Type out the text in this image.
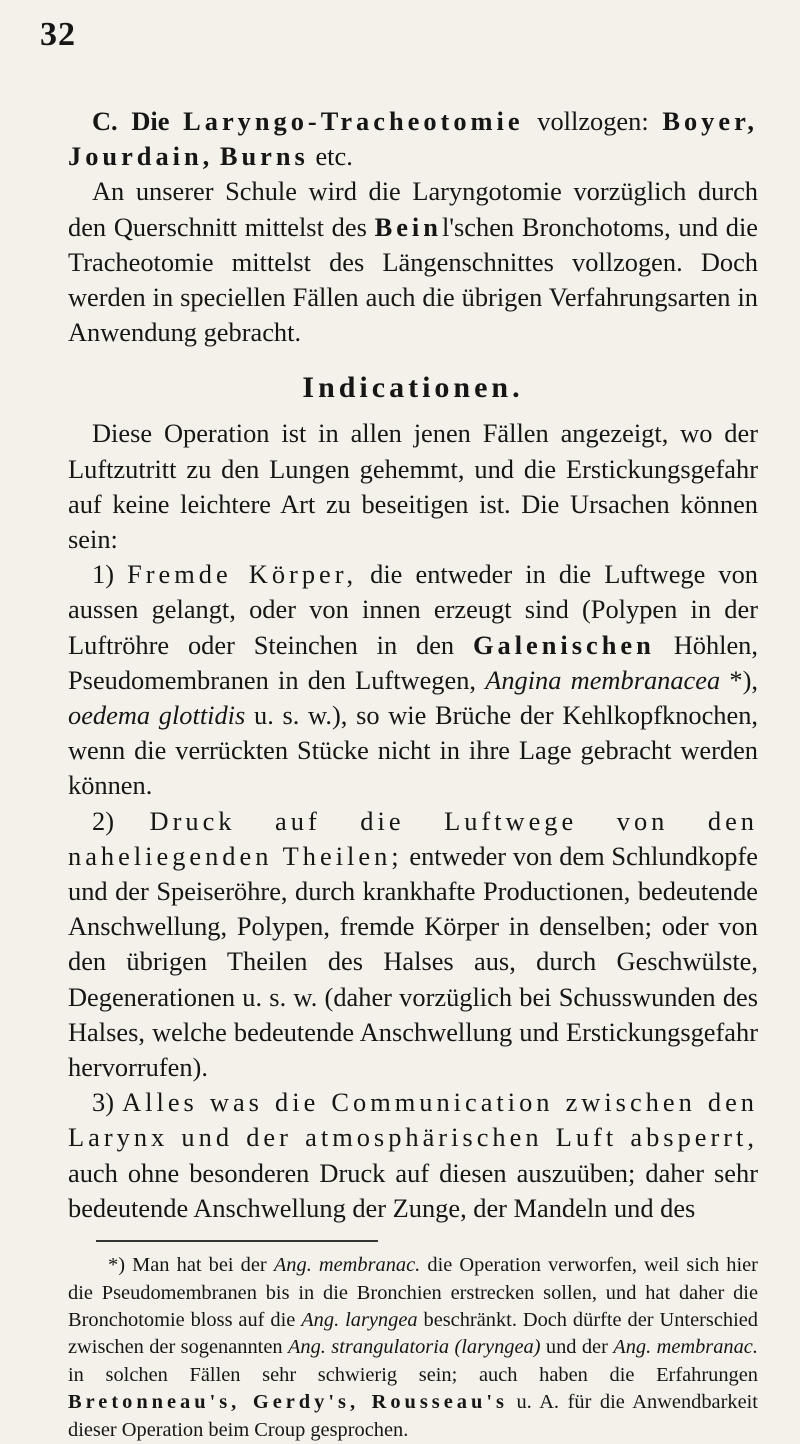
32

C. Die Laryngo-Tracheotomie vollzogen: Boyer, Jourdain, Burns etc.

An unserer Schule wird die Laryngotomie vorzüglich durch den Querschnitt mittelst des Beinl'schen Bronchotoms, und die Tracheotomie mittelst des Längenschnittes vollzogen. Doch werden in speciellen Fällen auch die übrigen Verfahrungsarten in Anwendung gebracht.

Indicationen.

Diese Operation ist in allen jenen Fällen angezeigt, wo der Luftzutritt zu den Lungen gehemmt, und die Erstickungsgefahr auf keine leichtere Art zu beseitigen ist. Die Ursachen können sein:

1) Fremde Körper, die entweder in die Luftwege von aussen gelangt, oder von innen erzeugt sind (Polypen in der Luftröhre oder Steinchen in den Galenischen Höhlen, Pseudomembranen in den Luftwegen, Angina membranacea *), oedema glottidis u. s. w.), so wie Brüche der Kehlkopfknochen, wenn die verrückten Stücke nicht in ihre Lage gebracht werden können.

2) Druck auf die Luftwege von den naheliegenden Theilen; entweder von dem Schlundkopfe und der Speiseröhre, durch krankhafte Productionen, bedeutende Anschwellung, Polypen, fremde Körper in denselben; oder von den übrigen Theilen des Halses aus, durch Geschwülste, Degenerationen u. s. w. (daher vorzüglich bei Schusswunden des Halses, welche bedeutende Anschwellung und Erstickungsgefahr hervorrufen).

3) Alles was die Communication zwischen den Larynx und der atmosphärischen Luft absperrt, auch ohne besonderen Druck auf diesen auszuüben; daher sehr bedeutende Anschwellung der Zunge, der Mandeln und des

*) Man hat bei der Ang. membranac. die Operation verworfen, weil sich hier die Pseudomembranen bis in die Bronchien erstrecken sollen, und hat daher die Bronchotomie bloss auf die Ang. laryngea beschränkt. Doch dürfte der Unterschied zwischen der sogenannten Ang. strangulatoria (laryngea) und der Ang. membranac. in solchen Fällen sehr schwierig sein; auch haben die Erfahrungen Bretonneau's, Gerdy's, Rousseau's u. A. für die Anwendbarkeit dieser Operation beim Croup gesprochen.
